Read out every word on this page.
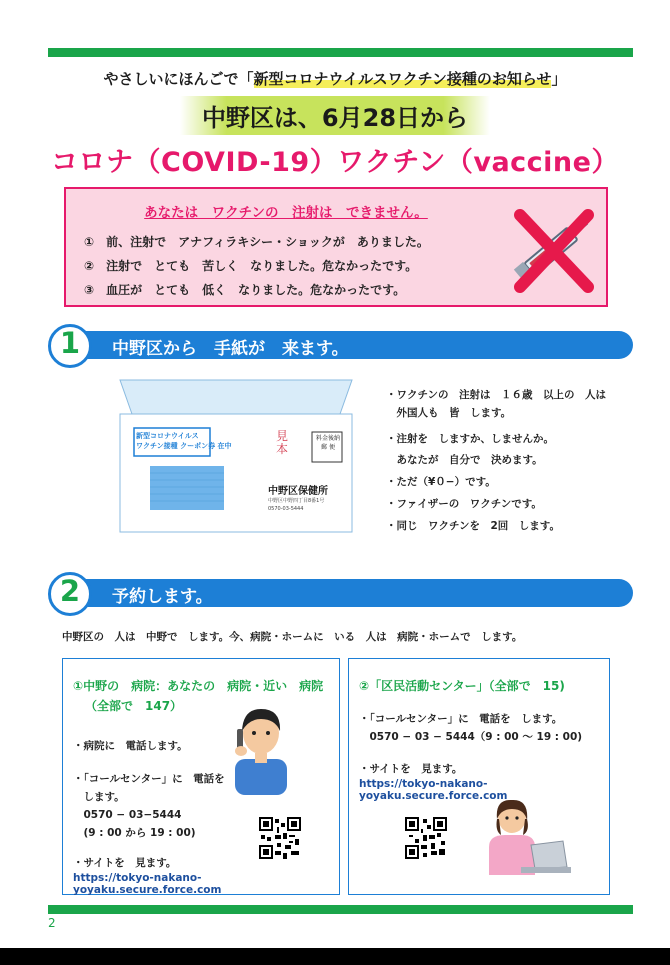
やさしいにほんごで「新型コロナウイルスワクチン接種のお知らせ」
中野区は、6月28日から
コロナ（COVID-19）ワクチン（vaccine）
あなたは　ワクチンの　注射は　できません。
①　前、注射で　アナフィラキシー・ショックが　ありました。
②　注射で　とても　苦しく　なりました。危なかったです。
③　血圧が　とても　低く　なりました。危なかったです。
1	中野区から　手紙が　来ます。
新型コロナウイルス
ワクチン接種 クーポン券 在中
見本
料金後納
郵 便
中野区保健所
中野区中野四丁目8番1号
0570-03-5444
・ワクチンの　注射は　１６歳　以上の　人は
　外国人も　皆　します。
・注射を　しますか、しませんか。
　あなたが　自分で　決めます。
・ただ（¥０−）です。
・ファイザーの　ワクチンです。
・同じ　ワクチンを　2回　します。
2	予約します。
中野区の　人は　中野で　します。今、病院・ホームに　いる　人は　病院・ホームで　します。
①中野の　病院：あなたの　病院・近い　病院
（全部で　147）
・病院に　電話します。
・「コールセンター」に　電話を
　します。
　0570 − 03−5444
　(9 : 00 から 19 : 00)
・サイトを　見ます。
https://tokyo-nakano-yoyaku.secure.force.com
②「区民活動センター」（全部で　15)
・「コールセンター」に　電話を　します。
　0570 − 03 − 5444（9 : 00 〜 19 : 00)
・サイトを　見ます。
https://tokyo-nakano-yoyaku.secure.force.com
2
